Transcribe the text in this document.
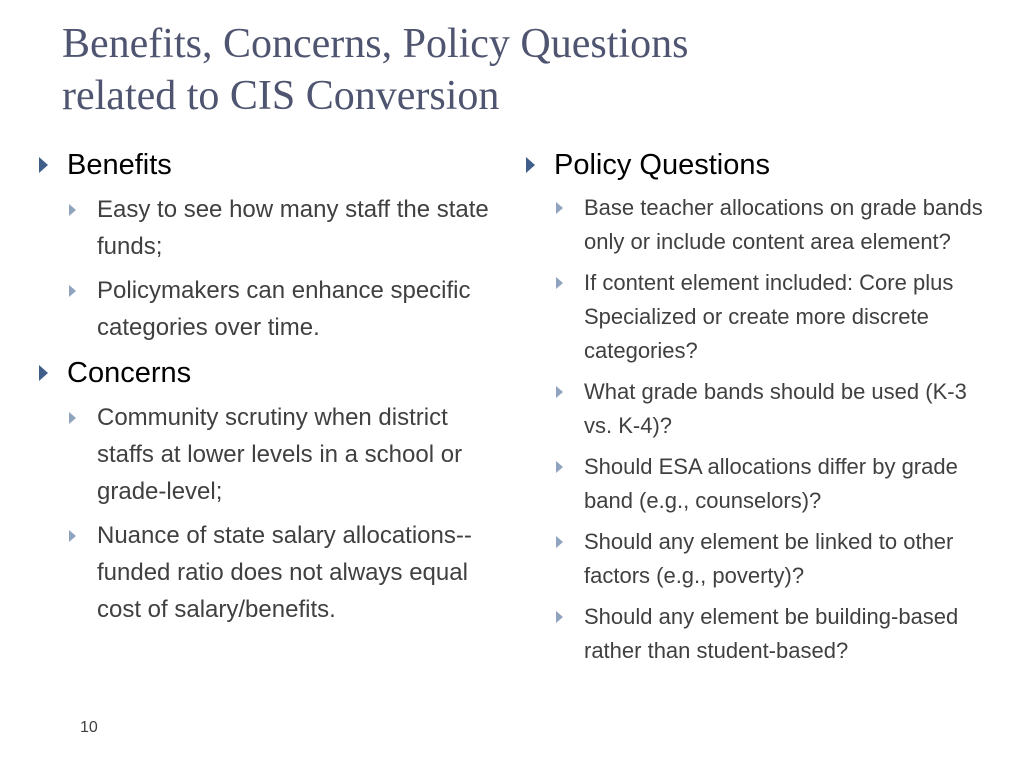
Benefits, Concerns, Policy Questions
related to CIS Conversion
Benefits
Easy to see how many staff the state funds;
Policymakers can enhance specific categories over time.
Concerns
Community scrutiny when district staffs at lower levels in a school or grade-level;
Nuance of state salary allocations--funded ratio does not always equal cost of salary/benefits.
Policy Questions
Base teacher allocations on grade bands only or include content area element?
If content element included: Core plus Specialized or create more discrete categories?
What grade bands should be used (K-3 vs. K-4)?
Should ESA allocations differ by grade band (e.g., counselors)?
Should any element be linked to other factors (e.g., poverty)?
Should any element be building-based rather than student-based?
10
